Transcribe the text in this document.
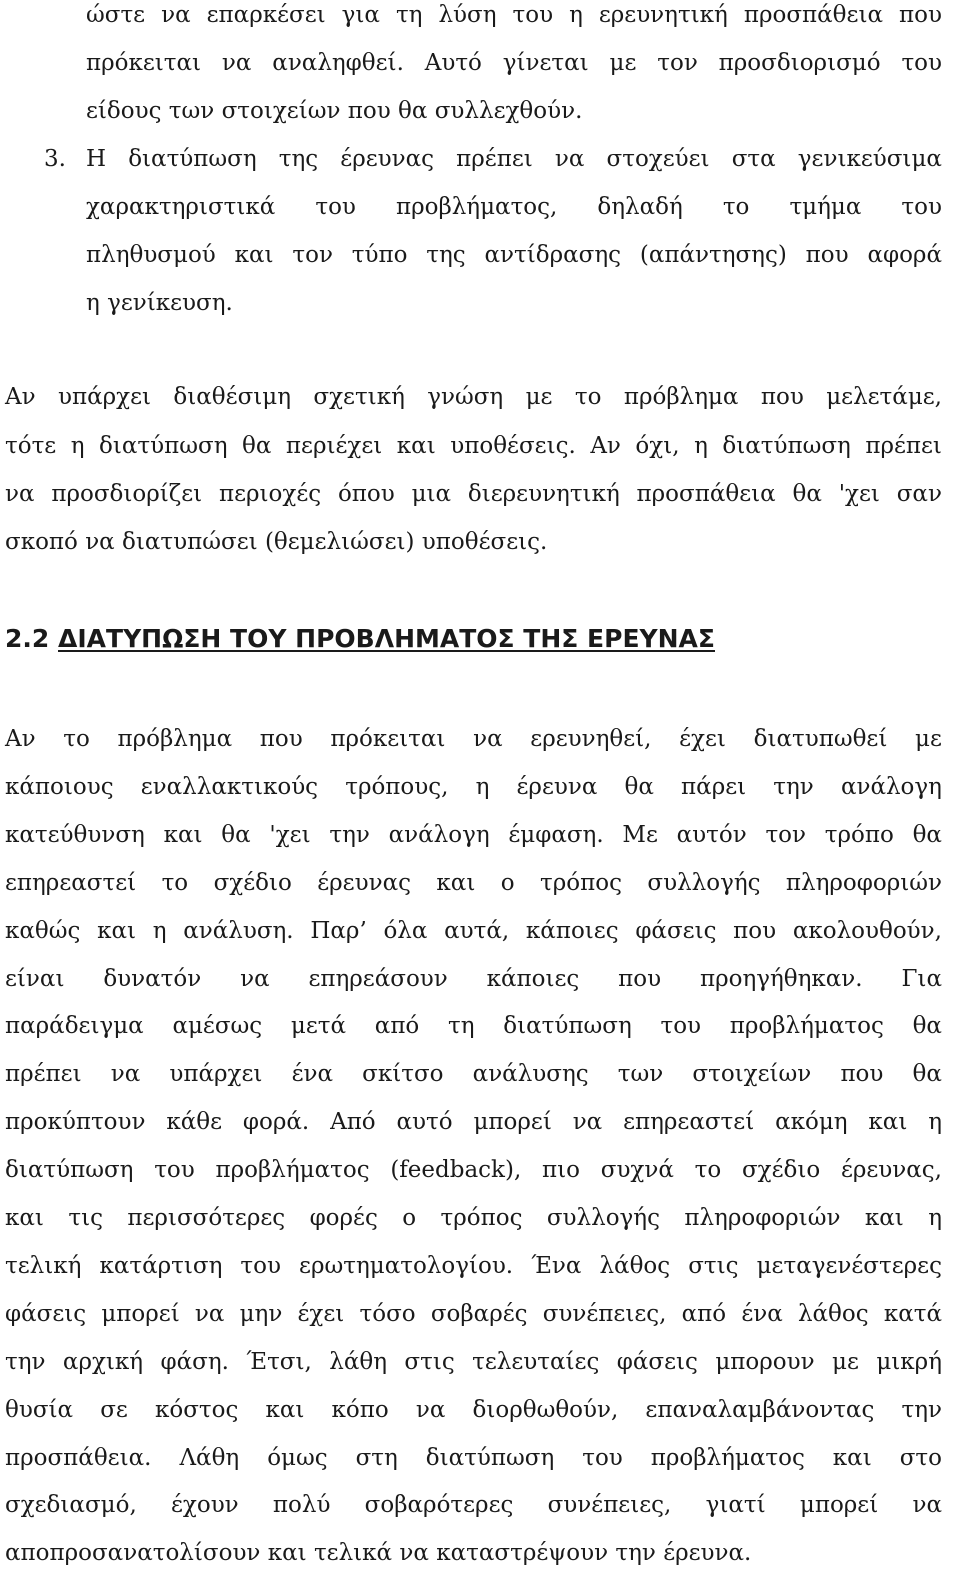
ώστε να επαρκέσει για τη λύση του η ερευνητική προσπάθεια που
πρόκειται να αναληφθεί. Αυτό γίνεται με τον προσδιορισμό του
είδους των στοιχείων που θα συλλεχθούν.
3. Η διατύπωση της έρευνας πρέπει να στοχεύει στα γενικεύσιμα
χαρακτηριστικά του προβλήματος, δηλαδή το τμήμα του
πληθυσμού και τον τύπο της αντίδρασης (απάντησης) που αφορά
η γενίκευση.
Αν υπάρχει διαθέσιμη σχετική γνώση με το πρόβλημα που μελετάμε,
τότε η διατύπωση θα περιέχει και υποθέσεις. Αν όχι, η διατύπωση πρέπει
να προσδιορίζει περιοχές όπου μια διερευνητική προσπάθεια θα 'χει σαν
σκοπό να διατυπώσει (θεμελιώσει) υποθέσεις.
2.2 ΔΙΑΤΥΠΩΣΗ ΤΟΥ ΠΡΟΒΛΗΜΑΤΟΣ ΤΗΣ ΕΡΕΥΝΑΣ
Αν το πρόβλημα που πρόκειται να ερευνηθεί, έχει διατυπωθεί με
κάποιους εναλλακτικούς τρόπους, η έρευνα θα πάρει την ανάλογη
κατεύθυνση και θα 'χει την ανάλογη έμφαση. Με αυτόν τον τρόπο θα
επηρεαστεί το σχέδιο έρευνας και ο τρόπος συλλογής πληροφοριών
καθώς και η ανάλυση. Παρ’ όλα αυτά, κάποιες φάσεις που ακολουθούν,
είναι δυνατόν να επηρεάσουν κάποιες που προηγήθηκαν. Για
παράδειγμα αμέσως μετά από τη διατύπωση του προβλήματος θα
πρέπει να υπάρχει ένα σκίτσο ανάλυσης των στοιχείων που θα
προκύπτουν κάθε φορά. Από αυτό μπορεί να επηρεαστεί ακόμη και η
διατύπωση του προβλήματος (feedback), πιο συχνά το σχέδιο έρευνας,
και τις περισσότερες φορές ο τρόπος συλλογής πληροφοριών και η
τελική κατάρτιση του ερωτηματολογίου. Ένα λάθος στις μεταγενέστερες
φάσεις μπορεί να μην έχει τόσο σοβαρές συνέπειες, από ένα λάθος κατά
την αρχική φάση. Έτσι, λάθη στις τελευταίες φάσεις μπορουν με μικρή
θυσία σε κόστος και κόπο να διορθωθούν, επαναλαμβάνοντας την
προσπάθεια. Λάθη όμως στη διατύπωση του προβλήματος και στο
σχεδιασμό, έχουν πολύ σοβαρότερες συνέπειες, γιατί μπορεί να
αποπροσανατολίσουν και τελικά να καταστρέψουν την έρευνα.
